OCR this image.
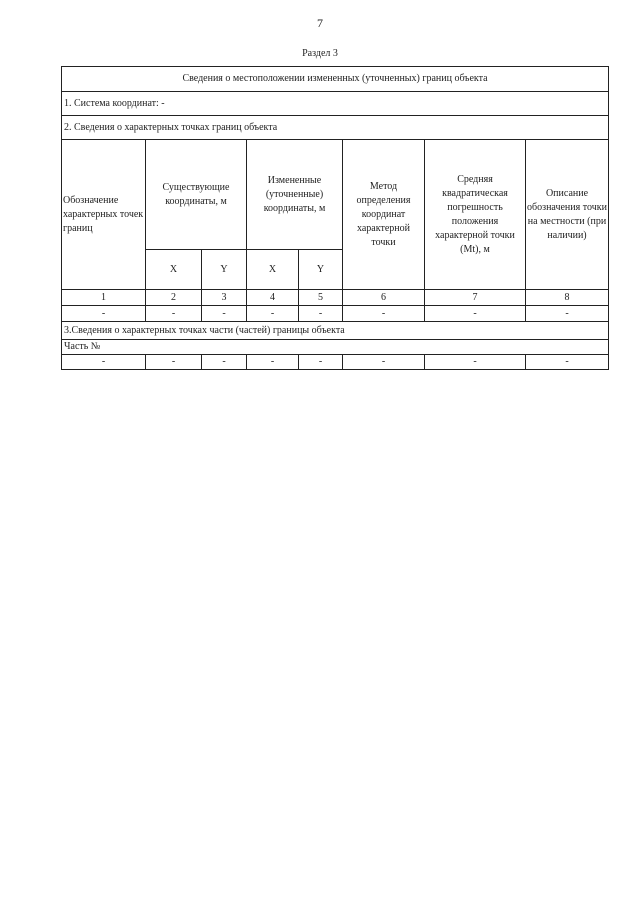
7
Раздел 3
Сведения о местоположении измененных (уточненных) границ объекта							
1. Система координат: -							
2. Сведения о характерных точках границ объекта							
Обозначение характерных точек границ	Существующие координаты, м		Измененные (уточненные) координаты, м		Метод определения координат характерной точки	Средняя квадратическая погрешность положения характерной точки (Mt), м	Описание обозначения точки на местности (при наличии)
	X	Y	X	Y			
1	2	3	4	5	6	7	8
-	-	-	-	-	-	-	-
3.Сведения о характерных точках части (частей) границы объекта							
Часть №							
-	-	-	-	-	-	-	-
